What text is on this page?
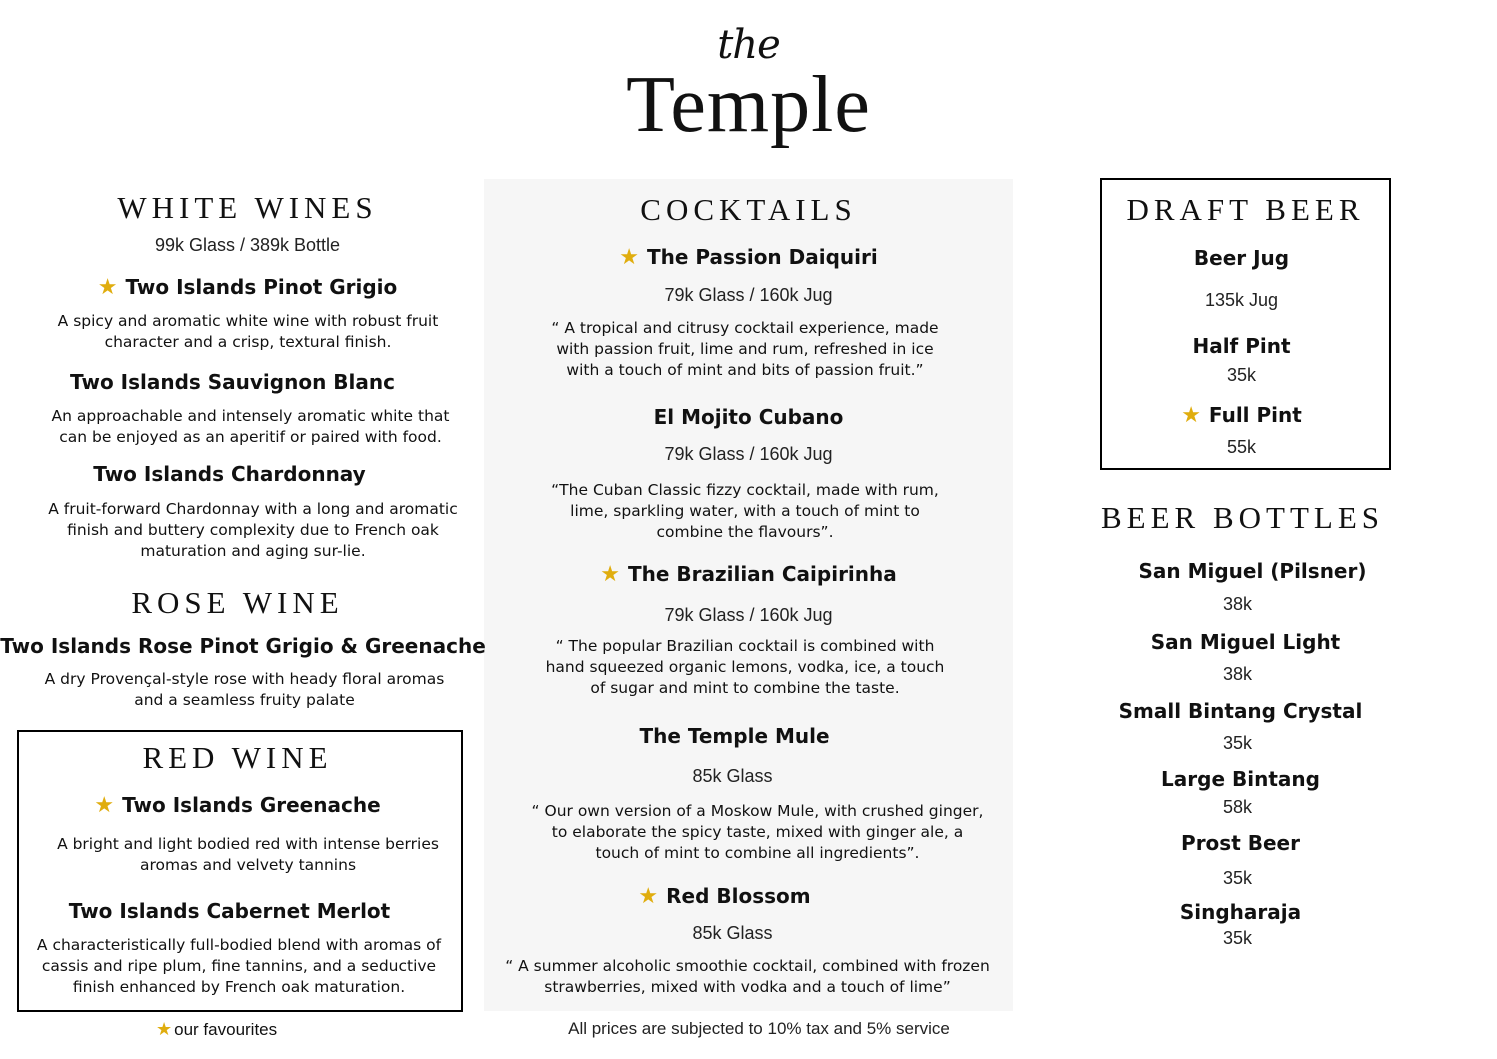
the
Temple
WHITE WINES
99k Glass / 389k Bottle
★ Two Islands Pinot Grigio
A spicy and aromatic white wine with robust fruit character and a crisp, textural finish.
Two Islands Sauvignon Blanc
An approachable and intensely aromatic white that can be enjoyed as an aperitif or paired with food.
Two Islands Chardonnay
A fruit-forward Chardonnay with a long and aromatic finish and buttery complexity due to French oak maturation and aging sur-lie.
ROSE WINE
Two Islands Rose Pinot Grigio & Greenache
A dry Provençal-style rose with heady floral aromas and a seamless fruity palate
RED WINE
★ Two Islands Greenache
A bright and light bodied red with intense berries aromas and velvety tannins
Two Islands Cabernet Merlot
A characteristically full-bodied blend with aromas of cassis and ripe plum, fine tannins, and a seductive finish enhanced by French oak maturation.
★ our favourites
COCKTAILS
★ The Passion Daiquiri
79k Glass / 160k Jug
“ A tropical and citrusy cocktail experience, made with passion fruit, lime and rum, refreshed in ice with a touch of mint and bits of passion fruit.”
El Mojito Cubano
79k Glass / 160k Jug
“The Cuban Classic fizzy cocktail, made with rum, lime, sparkling water, with a touch of mint to combine the flavours”.
★ The Brazilian Caipirinha
79k Glass / 160k Jug
“ The popular Brazilian cocktail is combined with hand squeezed organic lemons, vodka, ice, a touch of sugar and mint to combine the taste.
The Temple Mule
85k Glass
“ Our own version of a Moskow Mule, with crushed ginger, to elaborate the spicy taste, mixed with ginger ale, a touch of mint to combine all ingredients”.
★ Red Blossom
85k Glass
“ A summer alcoholic smoothie cocktail, combined with frozen strawberries, mixed with vodka and a touch of lime”
All prices are subjected to 10% tax and 5% service
DRAFT BEER
Beer Jug
135k Jug
Half Pint
35k
★ Full Pint
55k
BEER BOTTLES
San Miguel (Pilsner)
38k
San Miguel Light
38k
Small Bintang Crystal
35k
Large Bintang
58k
Prost Beer
35k
Singharaja
35k
